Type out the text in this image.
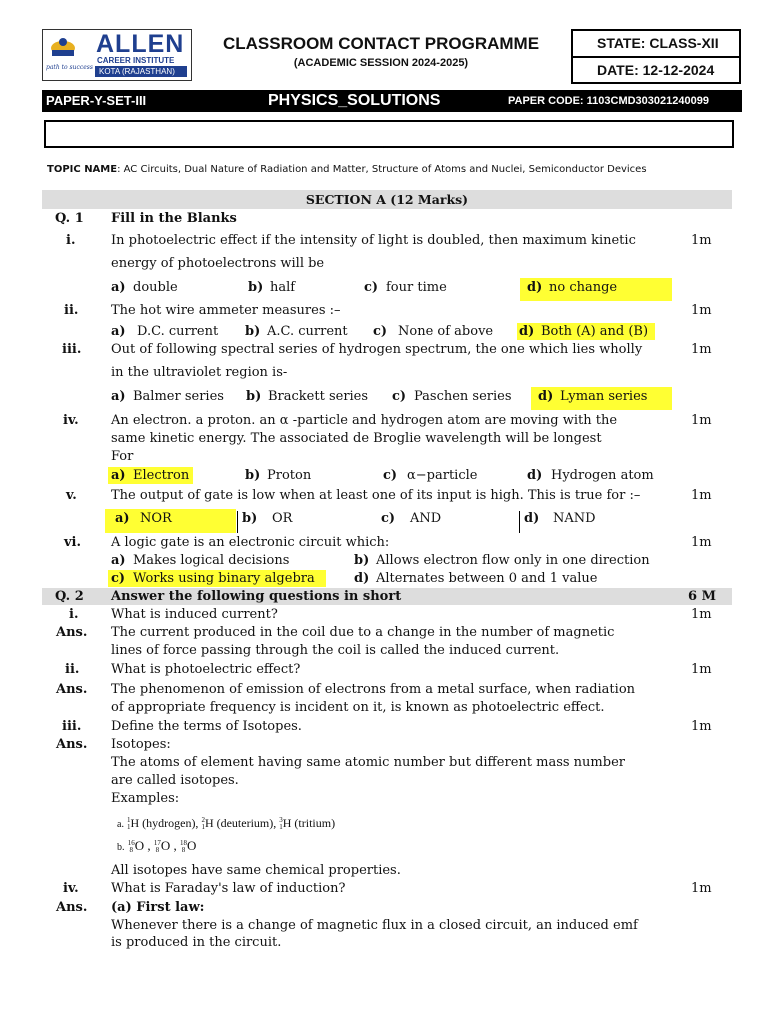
ALLEN
CAREER INSTITUTE
KOTA (RAJASTHAN)
path to success
CLASSROOM CONTACT PROGRAMME
(ACADEMIC SESSION 2024-2025)
STATE: CLASS-XII
DATE: 12-12-2024
PAPER-Y-SET-III	PHYSICS_SOLUTIONS	PAPER CODE: 1103CMD303021240099
TOPIC NAME: AC Circuits, Dual Nature of Radiation and Matter, Structure of Atoms and Nuclei, Semiconductor Devices
SECTION A (12 Marks)
Q. 1 Fill in the Blanks
i.	In photoelectric effect if the intensity of light is doubled, then maximum kinetic	1m
energy of photoelectrons will be
a) double	b) half	c) four time	d) no change
ii.	The hot wire ammeter measures :–	1m
a) D.C. current b) A.C. current c) None of above d) Both (A) and (B)
iii. Out of following spectral series of hydrogen spectrum, the one which lies wholly	1m
in the ultraviolet region is-
a) Balmer series b) Brackett series c) Paschen series d) Lyman series
iv. An electron. a proton. an α -particle and hydrogen atom are moving with the	1m
same kinetic energy. The associated de Broglie wavelength will be longest
For
a) Electron	b) Proton	c) α−particle	d) Hydrogen atom
v.	The output of gate is low when at least one of its input is high. This is true for :–	1m
a) NOR	b) OR	c) AND	d) NAND
vi. A logic gate is an electronic circuit which:	1m
a) Makes logical decisions	b) Allows electron flow only in one direction
c) Works using binary algebra	d) Alternates between 0 and 1 value
Q. 2 Answer the following questions in short	6 M
i.	What is induced current?	1m
Ans. The current produced in the coil due to a change in the number of magnetic
lines of force passing through the coil is called the induced current.
ii. What is photoelectric effect?	1m
Ans. The phenomenon of emission of electrons from a metal surface, when radiation
of appropriate frequency is incident on it, is known as photoelectric effect.
iii. Define the terms of Isotopes.	1m
Ans. Isotopes:
The atoms of element having same atomic number but different mass number
are called isotopes.
Examples:
a. 1
1H (hydrogen), 2
1H (deuterium), 3
1H (tritium)
b. 16
8 O , 17
8 O , 18
8 O
All isotopes have same chemical properties.
iv. What is Faraday's law of induction?	1m
Ans. (a) First law:
Whenever there is a change of magnetic flux in a closed circuit, an induced emf
is produced in the circuit.
